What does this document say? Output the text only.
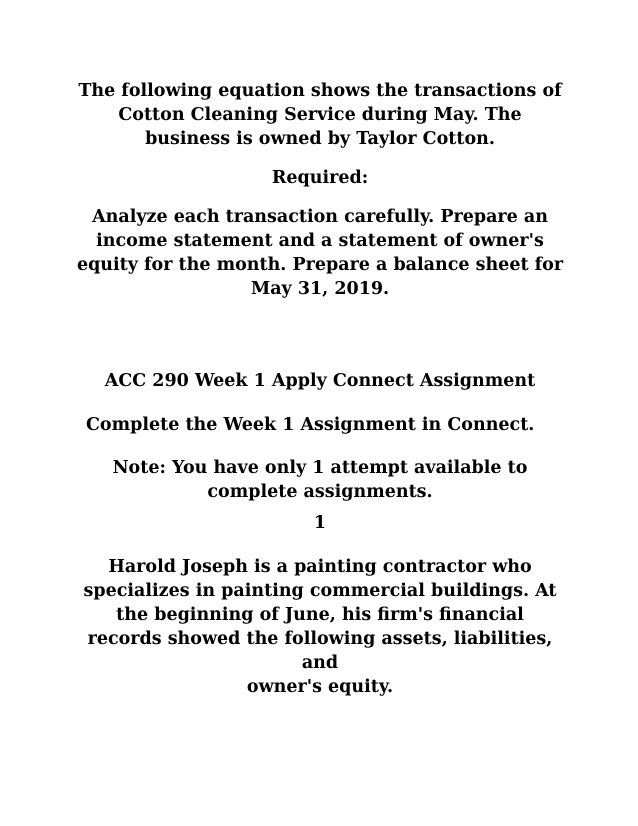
The following equation shows the transactions of
Cotton Cleaning Service during May. The
business is owned by Taylor Cotton.

Required:

Analyze each transaction carefully. Prepare an
income statement and a statement of owner's
equity for the month. Prepare a balance sheet for
May 31, 2019.

ACC 290 Week 1 Apply Connect Assignment

Complete the Week 1 Assignment in Connect.

Note: You have only 1 attempt available to
complete assignments.

1

Harold Joseph is a painting contractor who
specializes in painting commercial buildings. At
the beginning of June, his firm's financial
records showed the following assets, liabilities,
and
owner's equity.
